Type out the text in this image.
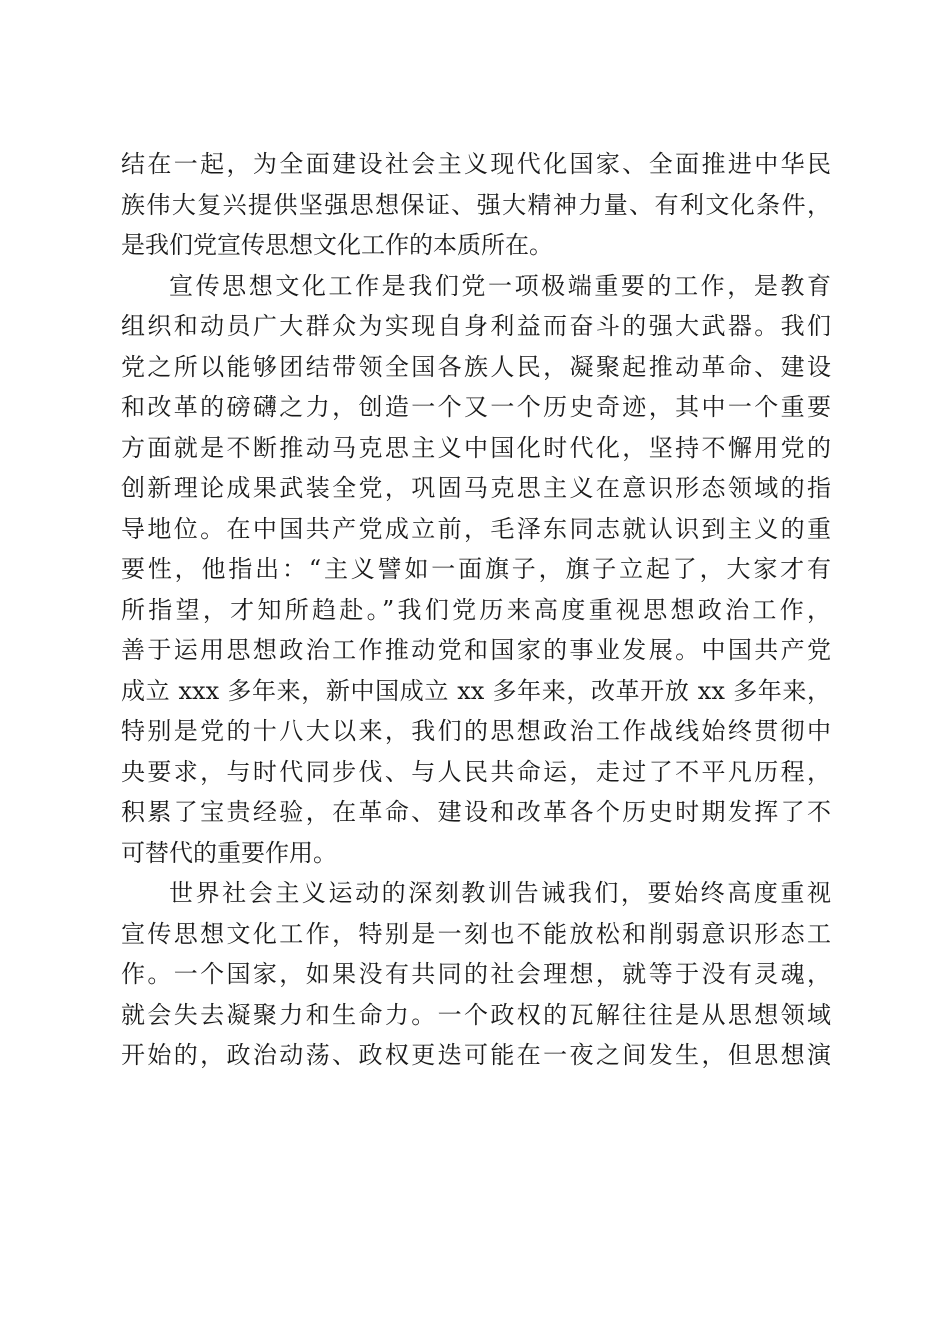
结在一起，为全面建设社会主义现代化国家、全面推进中华民
族伟大复兴提供坚强思想保证、强大精神力量、有利文化条件，
是我们党宣传思想文化工作的本质所在。
宣传思想文化工作是我们党一项极端重要的工作，是教育
组织和动员广大群众为实现自身利益而奋斗的强大武器。我们
党之所以能够团结带领全国各族人民，凝聚起推动革命、建设
和改革的磅礴之力，创造一个又一个历史奇迹，其中一个重要
方面就是不断推动马克思主义中国化时代化，坚持不懈用党的
创新理论成果武装全党，巩固马克思主义在意识形态领域的指
导地位。在中国共产党成立前，毛泽东同志就认识到主义的重
要性，他指出：“主义譬如一面旗子，旗子立起了，大家才有
所指望，才知所趋赴。”我们党历来高度重视思想政治工作，
善于运用思想政治工作推动党和国家的事业发展。中国共产党
成立 xxx 多年来，新中国成立 xx 多年来，改革开放 xx 多年来，
特别是党的十八大以来，我们的思想政治工作战线始终贯彻中
央要求，与时代同步伐、与人民共命运，走过了不平凡历程，
积累了宝贵经验，在革命、建设和改革各个历史时期发挥了不
可替代的重要作用。
世界社会主义运动的深刻教训告诫我们，要始终高度重视
宣传思想文化工作，特别是一刻也不能放松和削弱意识形态工
作。一个国家，如果没有共同的社会理想，就等于没有灵魂，
就会失去凝聚力和生命力。一个政权的瓦解往往是从思想领域
开始的，政治动荡、政权更迭可能在一夜之间发生，但思想演
